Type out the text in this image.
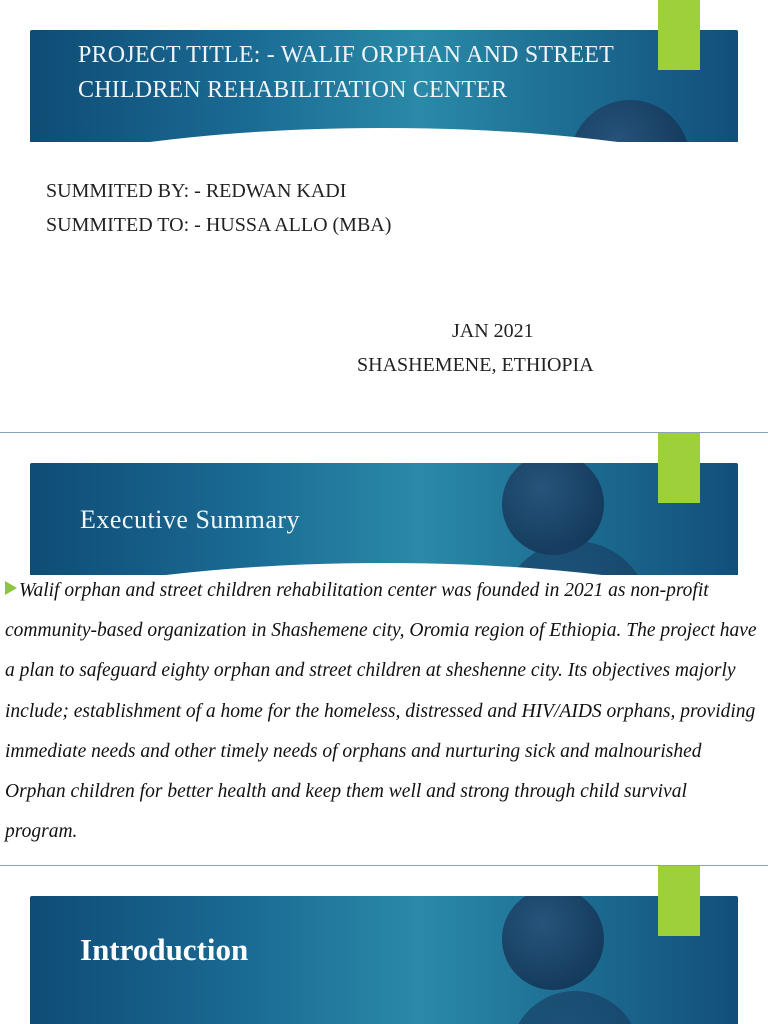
PROJECT TITLE: - WALIF ORPHAN AND STREET CHILDREN REHABILITATION CENTER
SUMMITED BY: - REDWAN KADI
SUMMITED TO: - HUSSA ALLO (MBA)
JAN 2021
SHASHEMENE, ETHIOPIA
Executive Summary
Walif orphan and street children rehabilitation center was founded in 2021 as non-profit community-based organization in Shashemene city, Oromia region of Ethiopia. The project have a plan to safeguard eighty orphan and street children at sheshenne city. Its objectives majorly include; establishment of a home for the homeless, distressed and HIV/AIDS orphans, providing immediate needs and other timely needs of orphans and nurturing sick and malnourished Orphan children for better health and keep them well and strong through child survival program.
Introduction
